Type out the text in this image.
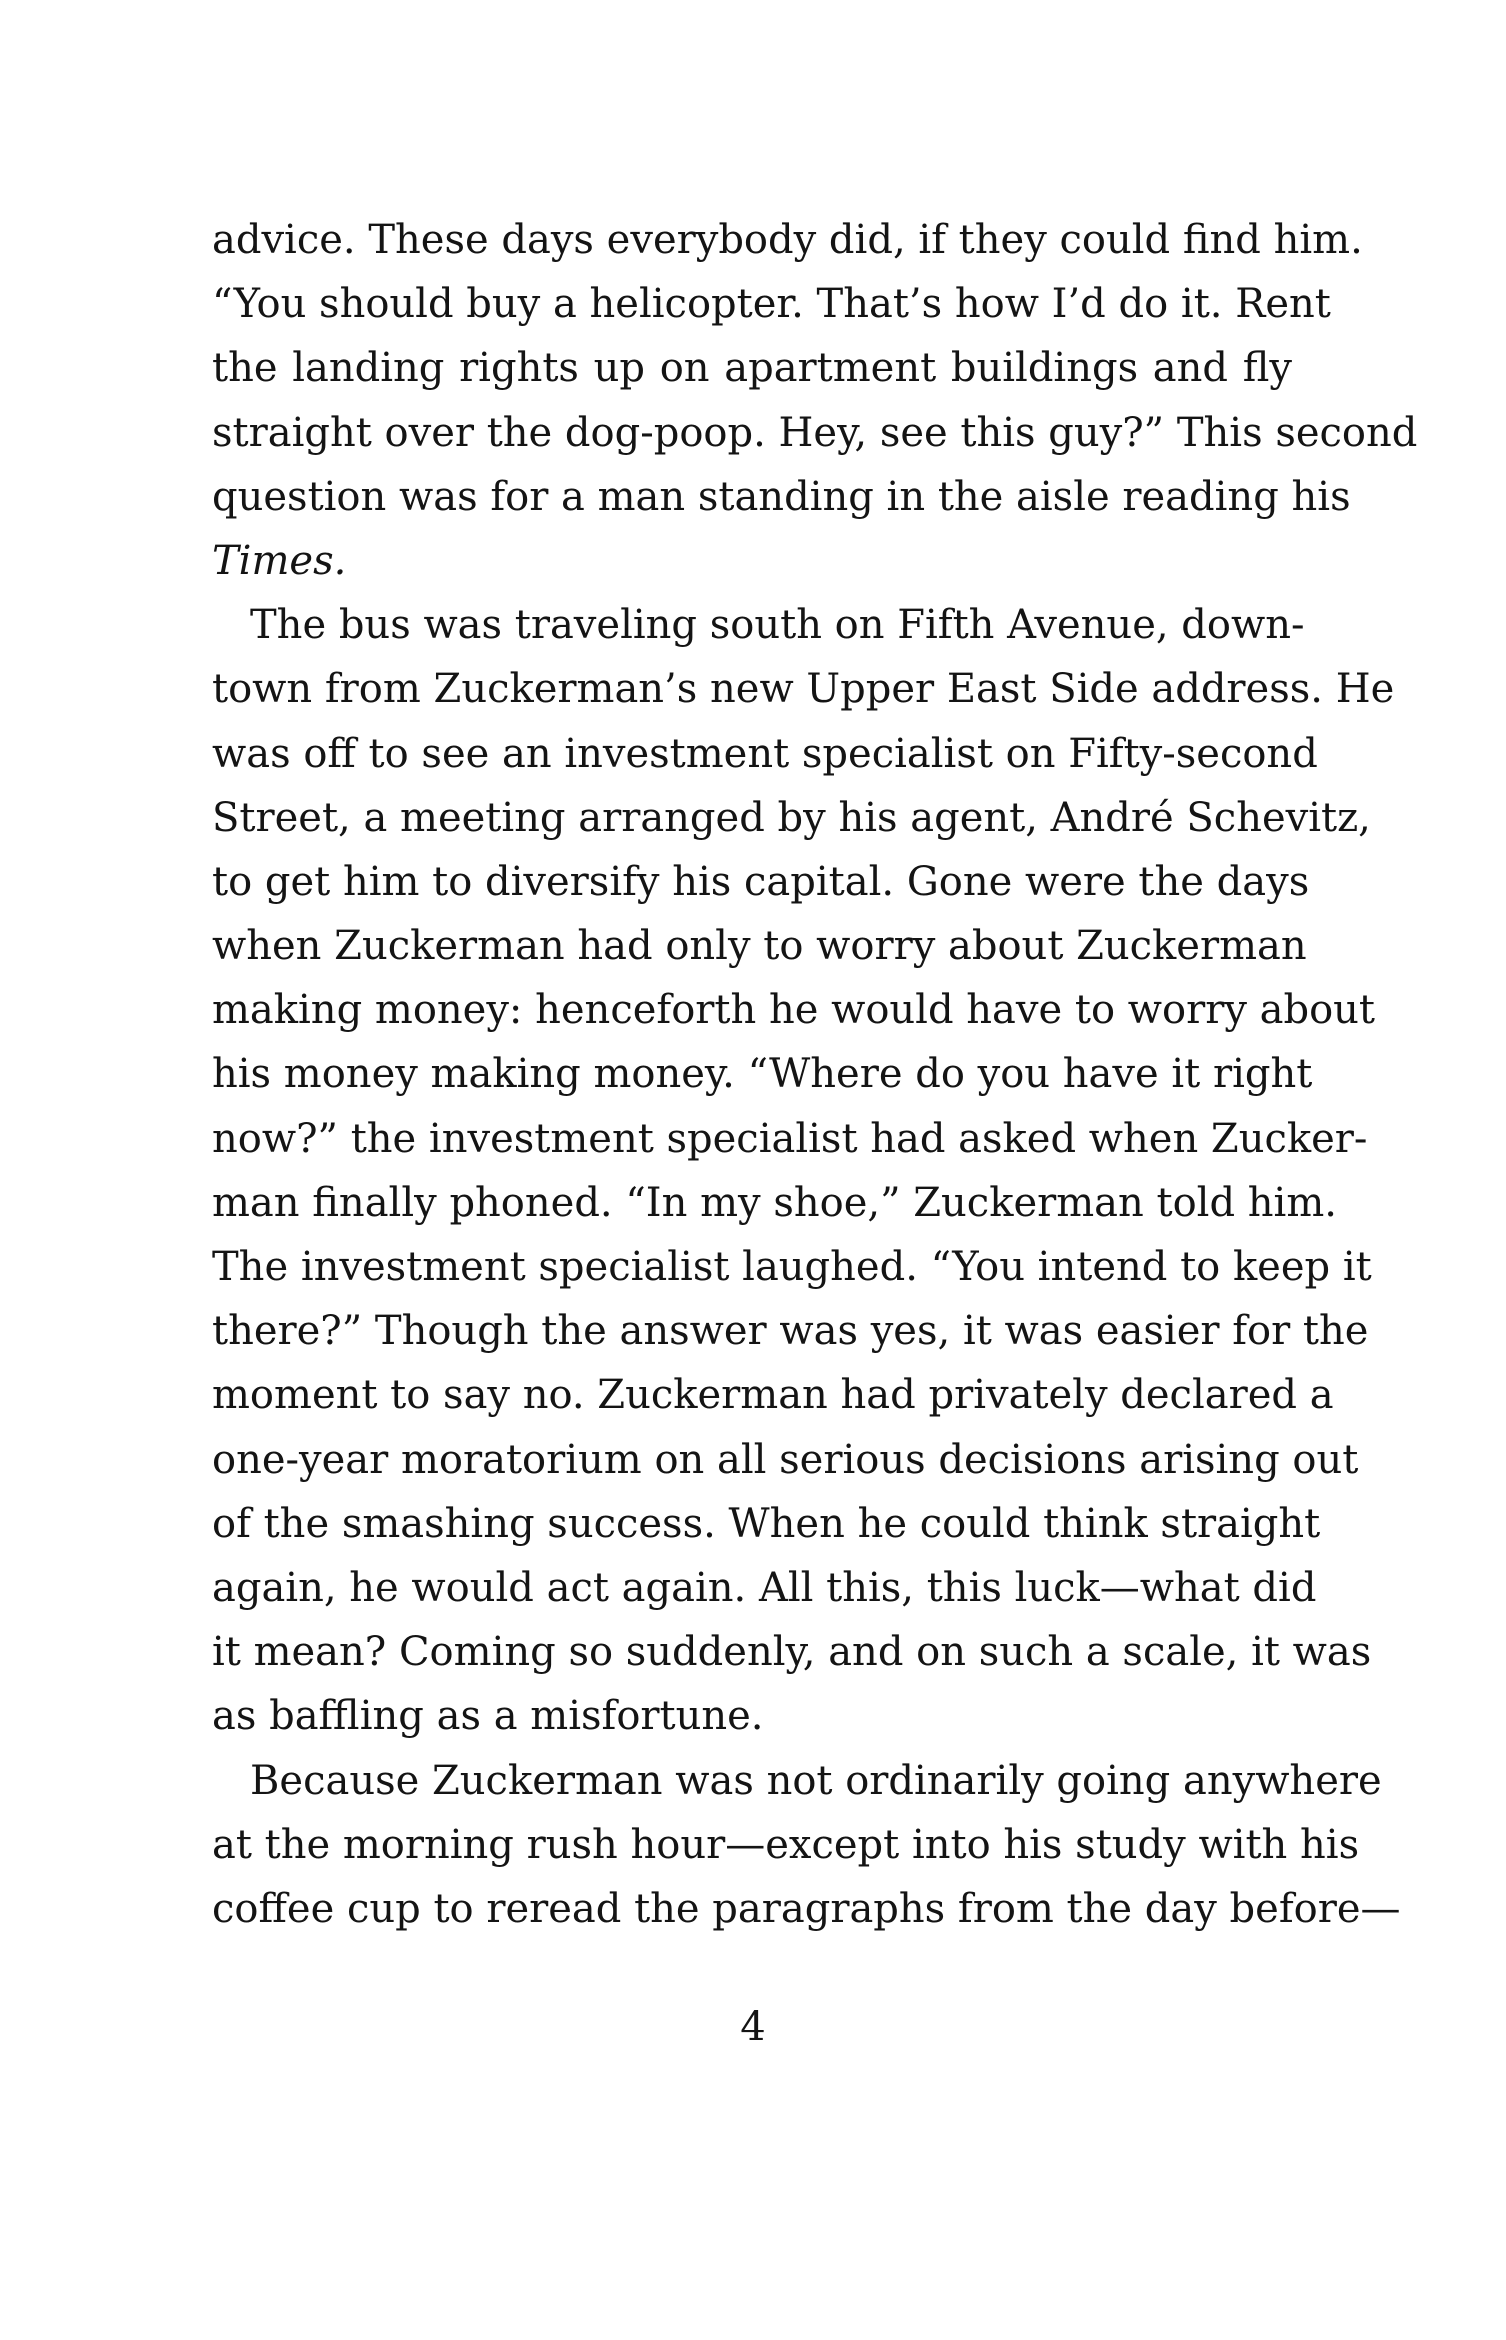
advice. These days everybody did, if they could find him.
“You should buy a helicopter. That’s how I’d do it. Rent
the landing rights up on apartment buildings and fly
straight over the dog-poop. Hey, see this guy?” This second
question was for a man standing in the aisle reading his
Times.
The bus was traveling south on Fifth Avenue, down-
town from Zuckerman’s new Upper East Side address. He
was off to see an investment specialist on Fifty-second
Street, a meeting arranged by his agent, André Schevitz,
to get him to diversify his capital. Gone were the days
when Zuckerman had only to worry about Zuckerman
making money: henceforth he would have to worry about
his money making money. “Where do you have it right
now?” the investment specialist had asked when Zucker-
man finally phoned. “In my shoe,” Zuckerman told him.
The investment specialist laughed. “You intend to keep it
there?” Though the answer was yes, it was easier for the
moment to say no. Zuckerman had privately declared a
one-year moratorium on all serious decisions arising out
of the smashing success. When he could think straight
again, he would act again. All this, this luck—what did
it mean? Coming so suddenly, and on such a scale, it was
as baffling as a misfortune.
Because Zuckerman was not ordinarily going anywhere
at the morning rush hour—except into his study with his
coffee cup to reread the paragraphs from the day before—
4
